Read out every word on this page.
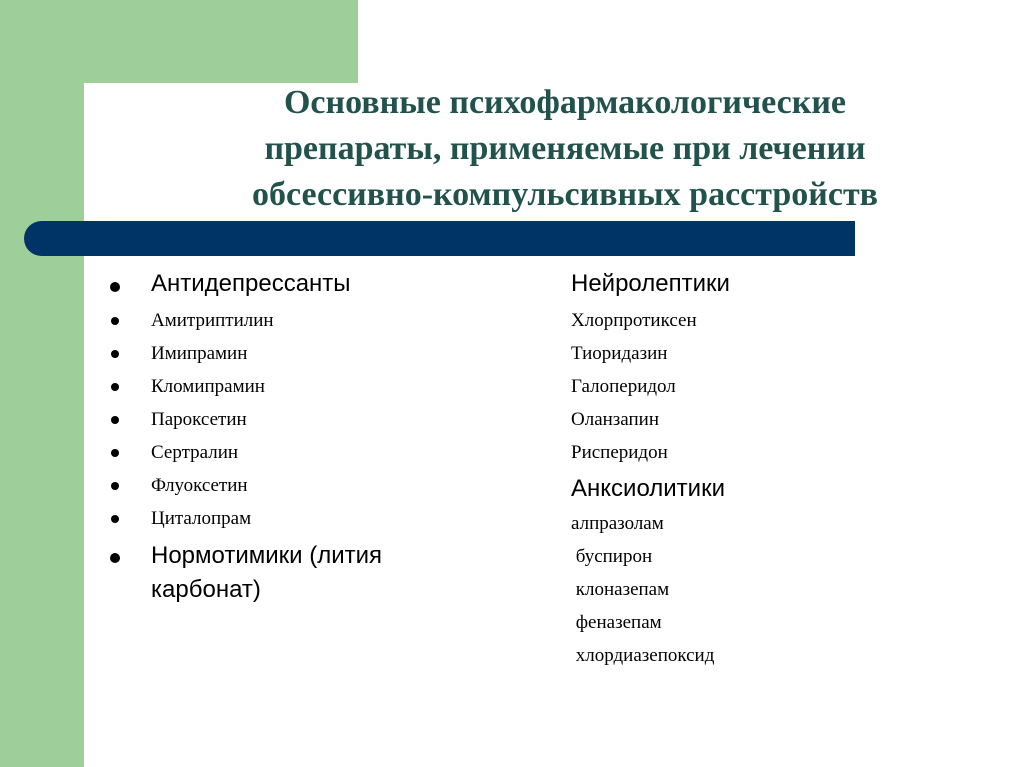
Основные психофармакологические
препараты, применяемые при лечении
обсессивно-компульсивных расстройств
Антидепрессанты
Амитриптилин
Имипрамин
Кломипрамин
Пароксетин
Сертралин
Флуоксетин
Циталопрам
Нормотимики (лития карбонат)
Нейролептики
Хлорпротиксен
Тиоридазин
Галоперидол
Оланзапин
Рисперидон
Анксиолитики
алпразолам
буспирон
клоназепам
феназепам
хлордиазепоксид
